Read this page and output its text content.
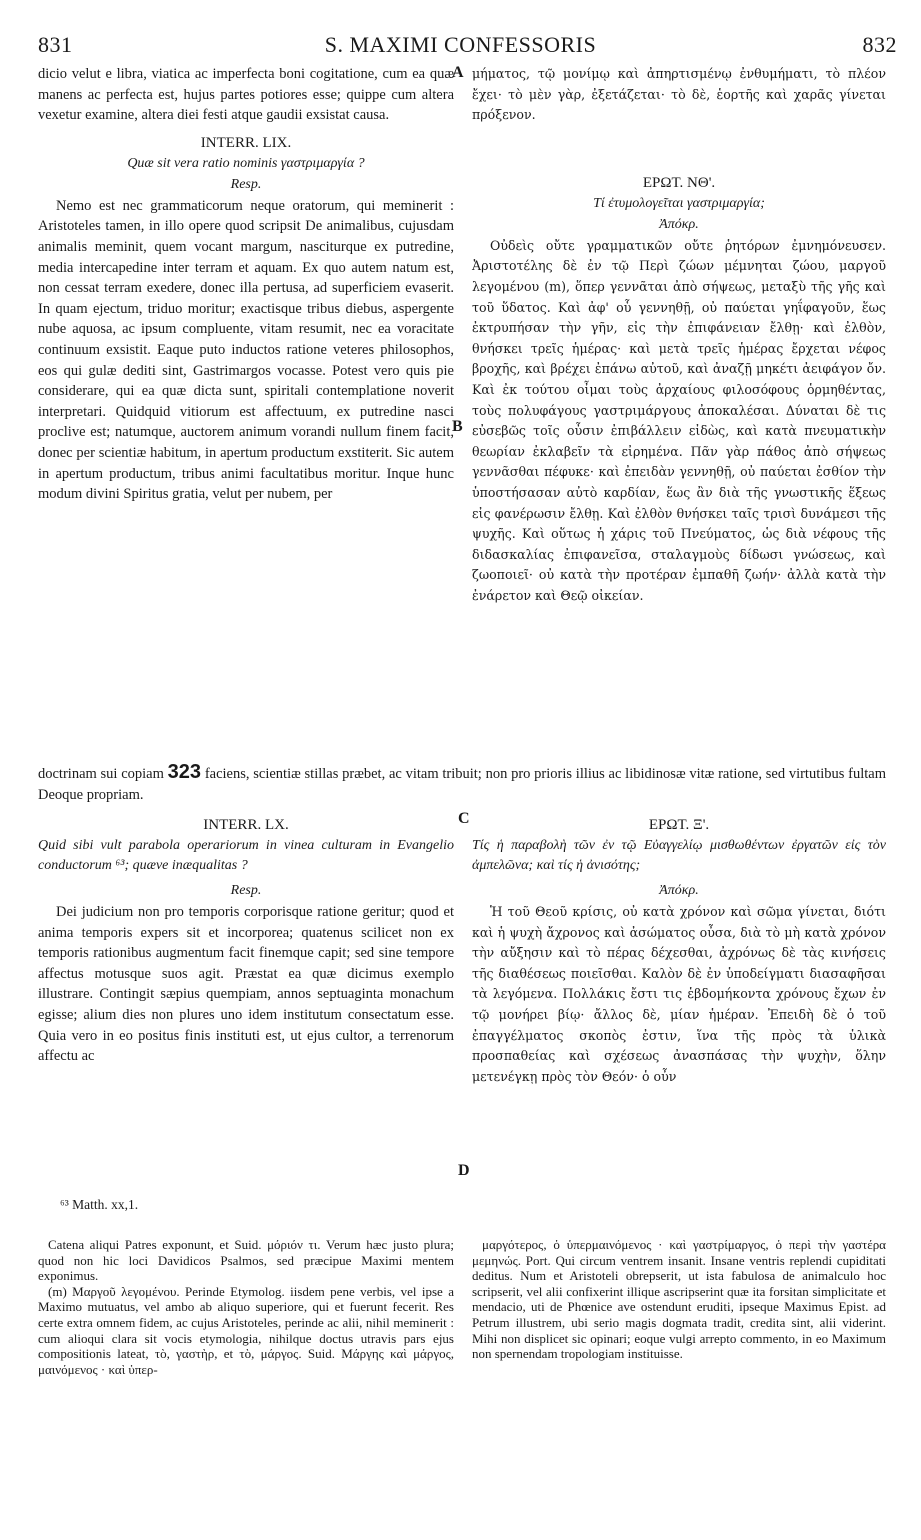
831	S. MAXIMI CONFESSORIS	832
A
B
C
D

dicio velut e libra, viatica ac imperfecta boni cogitatione, cum ea quæ manens ac perfecta est, hujus partes potiores esse; quippe cum altera vexetur examine, altera diei festi atque gaudii exsistat causa.

INTERR. LIX.

Quæ sit vera ratio nominis γαστριμαργία ?

Resp.

Nemo est nec grammaticorum neque oratorum, qui meminerit : Aristoteles tamen, in illo opere quod scripsit De animalibus, cujusdam animalis meminit, quem vocant margum, nasciturque ex putredine, media intercapedine inter terram et aquam. Ex quo autem natum est, non cessat terram exedere, donec illa pertusa, ad superficiem evaserit. In quam ejectum, triduo moritur; exactisque tribus diebus, aspergente nube aquosa, ac ipsum compluente, vitam resumit, nec ea voracitate continuum exsistit. Eaque puto inductos ratione veteres philosophos, eos qui gulæ dediti sint, Gastrimargos vocasse. Potest vero quis pie considerare, qui ea quæ dicta sunt, spiritali contemplatione noverit interpretari. Quidquid vitiorum est affectuum, ex putredine nasci proclive est; natumque, auctorem animum vorandi nullum finem facit, donec per scientiæ habitum, in apertum productum exstiterit. Sic autem in apertum productum, tribus animi facultatibus moritur. Inque hunc modum divini Spiritus gratia, velut per nubem, per

μήματος, τῷ μονίμῳ καὶ ἀπηρτισμένῳ ἐνθυμήματι, τὸ πλέον ἔχει· τὸ μὲν γὰρ, ἐξετάζεται· τὸ δὲ, ἑορτῆς καὶ χαρᾶς γίνεται πρόξενον.

ΕΡΩΤ. ΝΘ'.

Τί ἐτυμολογεῖται γαστριμαργία;

Ἀπόκρ.

Οὐδεὶς οὔτε γραμματικῶν οὔτε ῥητόρων ἐμνημόνευσεν. Ἀριστοτέλης δὲ ἐν τῷ Περὶ ζώων μέμνηται ζώου, μαργοῦ λεγομένου (m), ὅπερ γεννᾶται ἀπὸ σήψεως, μεταξὺ τῆς γῆς καὶ τοῦ ὕδατος. Καὶ ἀφ' οὗ γεννηθῇ, οὐ παύεται γηΐφαγοῦν, ἕως ἐκτρυπήσαν τὴν γῆν, εἰς τὴν ἐπιφάνειαν ἔλθῃ· καὶ ἐλθὸν, θνήσκει τρεῖς ἡμέρας· καὶ μετὰ τρεῖς ἡμέρας ἔρχεται νέφος βροχῆς, καὶ βρέχει ἐπάνω αὐτοῦ, καὶ ἀναζῇ μηκέτι ἀειφάγον ὄν. Καὶ ἐκ τούτου οἶμαι τοὺς ἀρχαίους φιλοσόφους ὁρμηθέντας, τοὺς πολυφάγους γαστριμάργους ἀποκαλέσαι. Δύναται δὲ τις εὐσεβῶς τοῖς οὖσιν ἐπιβάλλειν εἰδὼς, καὶ κατὰ πνευματικὴν θεωρίαν ἐκλαβεῖν τὰ εἰρημένα. Πᾶν γὰρ πάθος ἀπὸ σήψεως γεννᾶσθαι πέφυκε· καὶ ἐπειδὰν γεννηθῇ, οὐ παύεται ἐσθίον τὴν ὑποστήσασαν αὐτὸ καρδίαν, ἕως ἂν διὰ τῆς γνωστικῆς ἕξεως εἰς φανέρωσιν ἔλθῃ. Καὶ ἐλθὸν θνήσκει ταῖς τρισὶ δυνάμεσι τῆς ψυχῆς. Καὶ οὕτως ἡ χάρις τοῦ Πνεύματος, ὡς διὰ νέφους τῆς διδασκαλίας ἐπιφανεῖσα, σταλαγμοὺς δίδωσι γνώσεως, καὶ ζωοποιεῖ· οὐ κατὰ τὴν προτέραν ἐμπαθῆ ζωήν· ἀλλὰ κατὰ τὴν ἐνάρετον καὶ Θεῷ οἰκείαν.

doctrinam sui copiam 323 faciens, scientiæ stillas præbet, ac vitam tribuit; non pro prioris illius ac libidinosæ vitæ ratione, sed virtutibus fultam Deoque propriam.

INTERR. LX.

Quid sibi vult parabola operariorum in vinea culturam in Evangelio conductorum ⁶³; quæve inæqualitas ?

Resp.

Dei judicium non pro temporis corporisque ratione geritur; quod et anima temporis expers sit et incorporea; quatenus scilicet non ex temporis rationibus augmentum facit finemque capit; sed sine tempore affectus motusque suos agit. Præstat ea quæ dicimus exemplo illustrare. Contingit sæpius quempiam, annos septuaginta monachum egisse; alium dies non plures uno idem institutum consectatum esse. Quia vero in eo positus finis instituti est, ut ejus cultor, a terrenorum affectu ac

ΕΡΩΤ. Ξ'.

Τίς ἡ παραβολὴ τῶν ἐν τῷ Εὐαγγελίῳ μισθωθέντων ἐργατῶν εἰς τὸν ἀμπελῶνα; καὶ τίς ἡ ἀνισότης;

Ἀπόκρ.

Ἡ τοῦ Θεοῦ κρίσις, οὐ κατὰ χρόνον καὶ σῶμα γίνεται, διότι καὶ ἡ ψυχὴ ἄχρονος καὶ ἀσώματος οὖσα, διὰ τὸ μὴ κατὰ χρόνον τὴν αὔξησιν καὶ τὸ πέρας δέχεσθαι, ἀχρόνως δὲ τὰς κινήσεις τῆς διαθέσεως ποιεῖσθαι. Καλὸν δὲ ἐν ὑποδείγματι διασαφῆσαι τὰ λεγόμενα. Πολλάκις ἔστι τις ἑβδομήκοντα χρόνους ἔχων ἐν τῷ μονήρει βίῳ· ἄλλος δὲ, μίαν ἡμέραν. Ἐπειδὴ δὲ ὁ τοῦ ἐπαγγέλματος σκοπὸς ἐστιν, ἵνα τῆς πρὸς τὰ ὑλικὰ προσπαθείας καὶ σχέσεως ἀνασπάσας τὴν ψυχὴν, ὅλην μετενέγκῃ πρὸς τὸν Θεόν· ὁ οὖν

⁶³ Matth. xx,1.

Catena aliqui Patres exponunt, et Suid. μόριόν τι. Verum hæc justo plura; quod non hic loci Davidicos Psalmos, sed præcipue Maximi mentem exponimus.

(m) Μαργοῦ λεγομένου. Perinde Etymolog. iisdem pene verbis, vel ipse a Maximo mutuatus, vel ambo ab aliquo superiore, qui et fuerunt fecerit. Res certe extra omnem fidem, ac cujus Aristoteles, perinde ac alii, nihil meminerit : cum alioqui clara sit vocis etymologia, nihilque doctus utravis pars ejus compositionis lateat, τὸ, γαστὴρ, et τὸ, μάργος. Suid. Μάργης καὶ μάργος, μαινόμενος · καὶ ὑπερ-

μαργότερος, ὁ ὑπερμαινόμενος · καὶ γαστρίμαργος, ὁ περὶ τὴν γαστέρα μεμηνώς. Port. Qui circum ventrem insanit. Insane ventris replendi cupiditati deditus. Num et Aristoteli obrepserit, ut ista fabulosa de animalculo hoc scripserit, vel alii confixerint illique ascripserint quæ ita forsitan simplicitate et mendacio, uti de Phœnice ave ostendunt eruditi, ipseque Maximus Epist. ad Petrum illustrem, ubi serio magis dogmata tradit, credita sint, alii viderint. Mihi non displicet sic opinari; eoque vulgi arrepto commento, in eo Maximum non spernendam tropologiam instituisse.
